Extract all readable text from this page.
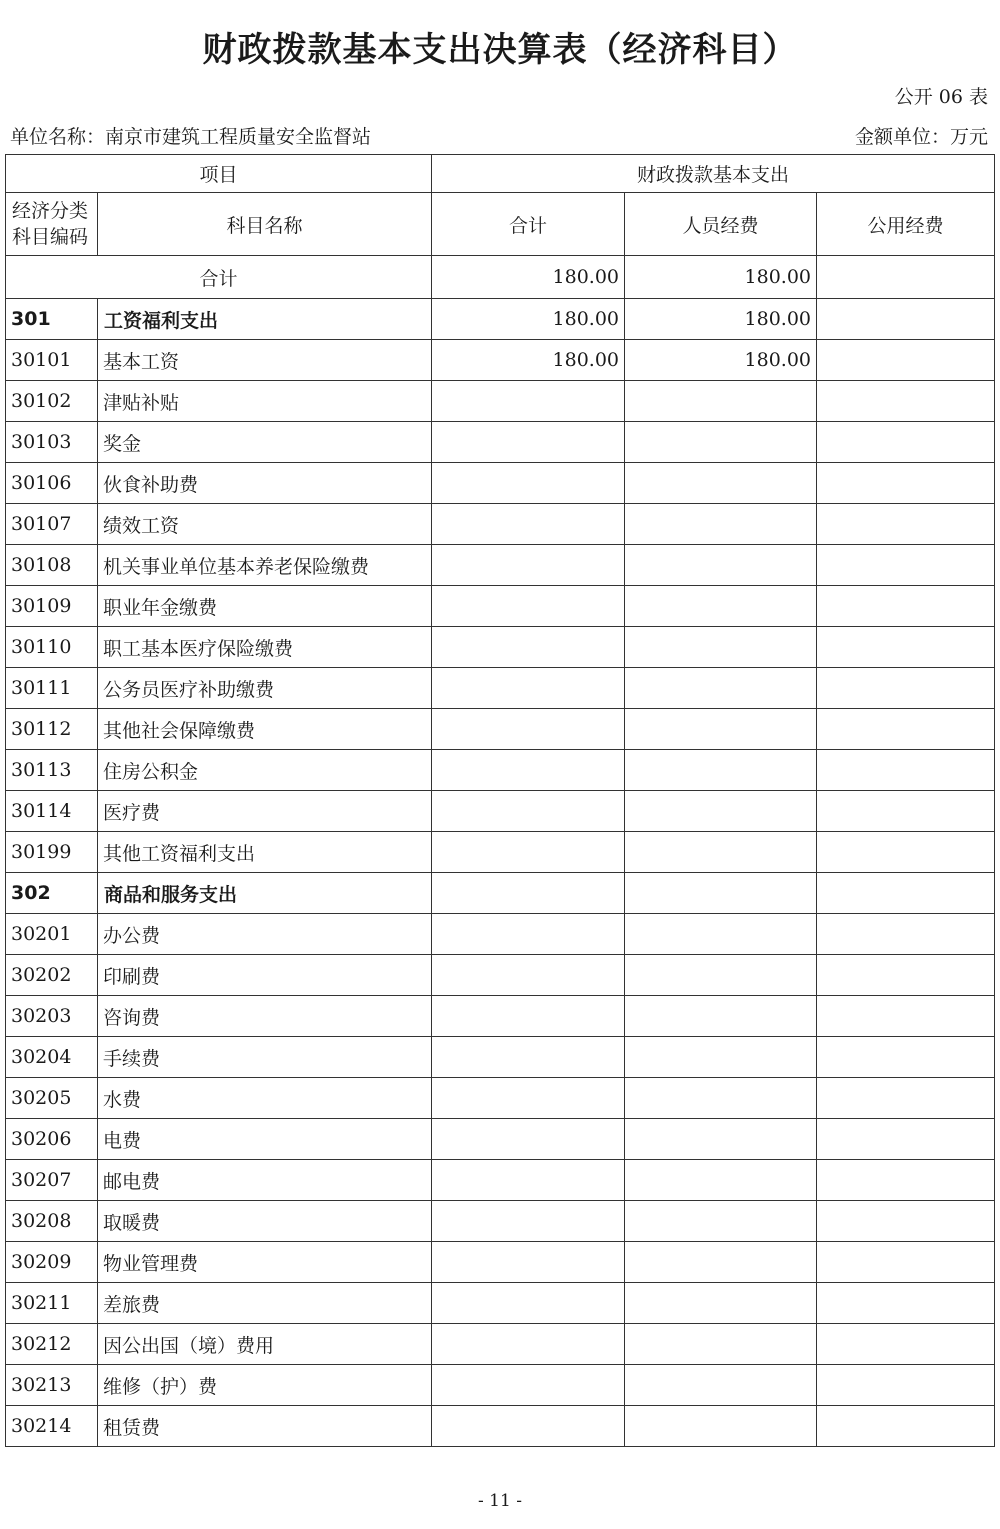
财政拨款基本支出决算表（经济科目）
公开 06 表
单位名称：南京市建筑工程质量安全监督站	金额单位：万元
项目		财政拨款基本支出		

经济分类
科目编码	科目名称	合计	人员经费	公用经费
合计		180.00	180.00	
301	工资福利支出	180.00	180.00	
30101	基本工资	180.00	180.00	
30102	津贴补贴			
30103	奖金			
30106	伙食补助费			
30107	绩效工资			
30108	机关事业单位基本养老保险缴费			
30109	职业年金缴费			
30110	职工基本医疗保险缴费			
30111	公务员医疗补助缴费			
30112	其他社会保障缴费			
30113	住房公积金			
30114	医疗费			
30199	其他工资福利支出			
302	商品和服务支出			
30201	办公费			
30202	印刷费			
30203	咨询费			
30204	手续费			
30205	水费			
30206	电费			
30207	邮电费			
30208	取暖费			
30209	物业管理费			
30211	差旅费			
30212	因公出国（境）费用			
30213	维修（护）费			
30214	租赁费			
- 11 -
